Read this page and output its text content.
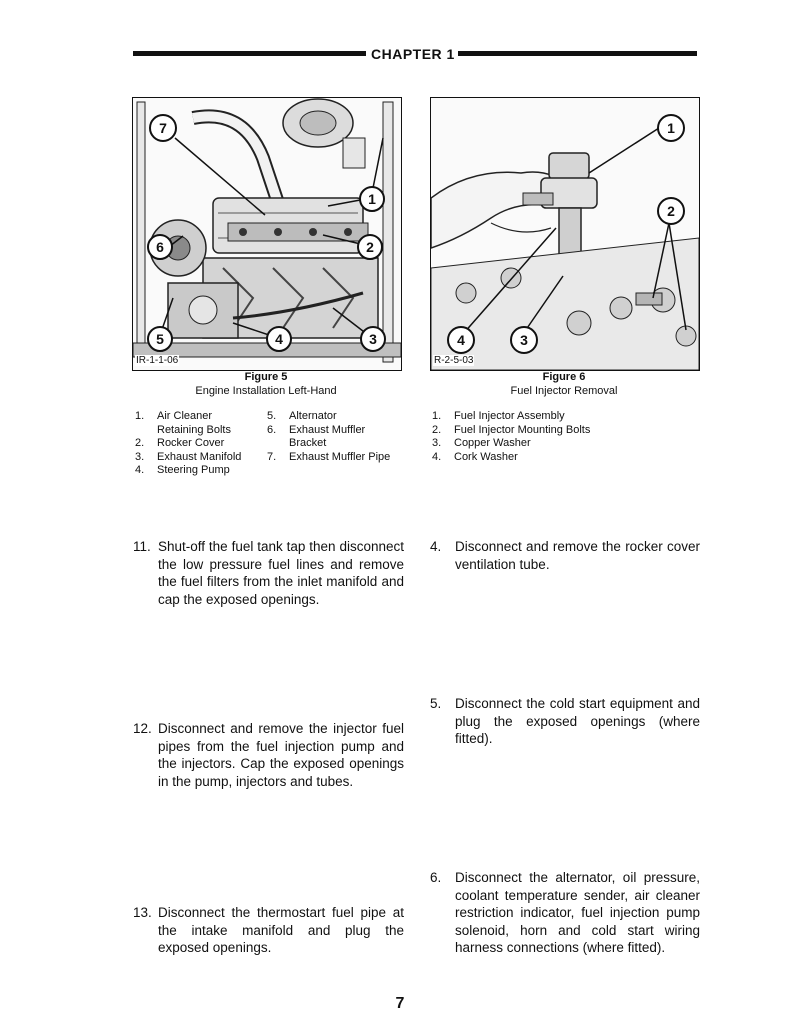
CHAPTER 1
7
1
2
6
5	4	3
IR-1-1-06
Figure 5
Engine Installation Left-Hand
1
2
4	3
R-2-5-03
Figure 6
Fuel Injector Removal
1. Air Cleaner
Retaining Bolts
2. Rocker Cover
3. Exhaust Manifold
4. Steering Pump
5. Alternator
6. Exhaust Muffler
Bracket
7. Exhaust Muffler Pipe
1. Fuel Injector Assembly
2. Fuel Injector Mounting Bolts
3. Copper Washer
4. Cork Washer
11. Shut-off the fuel tank tap then disconnect the low pressure fuel lines and remove the fuel filters from the inlet manifold and cap the exposed openings.
12. Disconnect and remove the injector fuel pipes from the fuel injection pump and the injectors. Cap the exposed openings in the pump, injectors and tubes.
13. Disconnect the thermostart fuel pipe at the intake manifold and plug the exposed openings.
4. Disconnect and remove the rocker cover ventilation tube.
5. Disconnect the cold start equipment and plug the exposed openings (where fitted).
6. Disconnect the alternator, oil pressure, coolant temperature sender, air cleaner restriction indicator, fuel injection pump solenoid, horn and cold start wiring harness connections (where fitted).
7
